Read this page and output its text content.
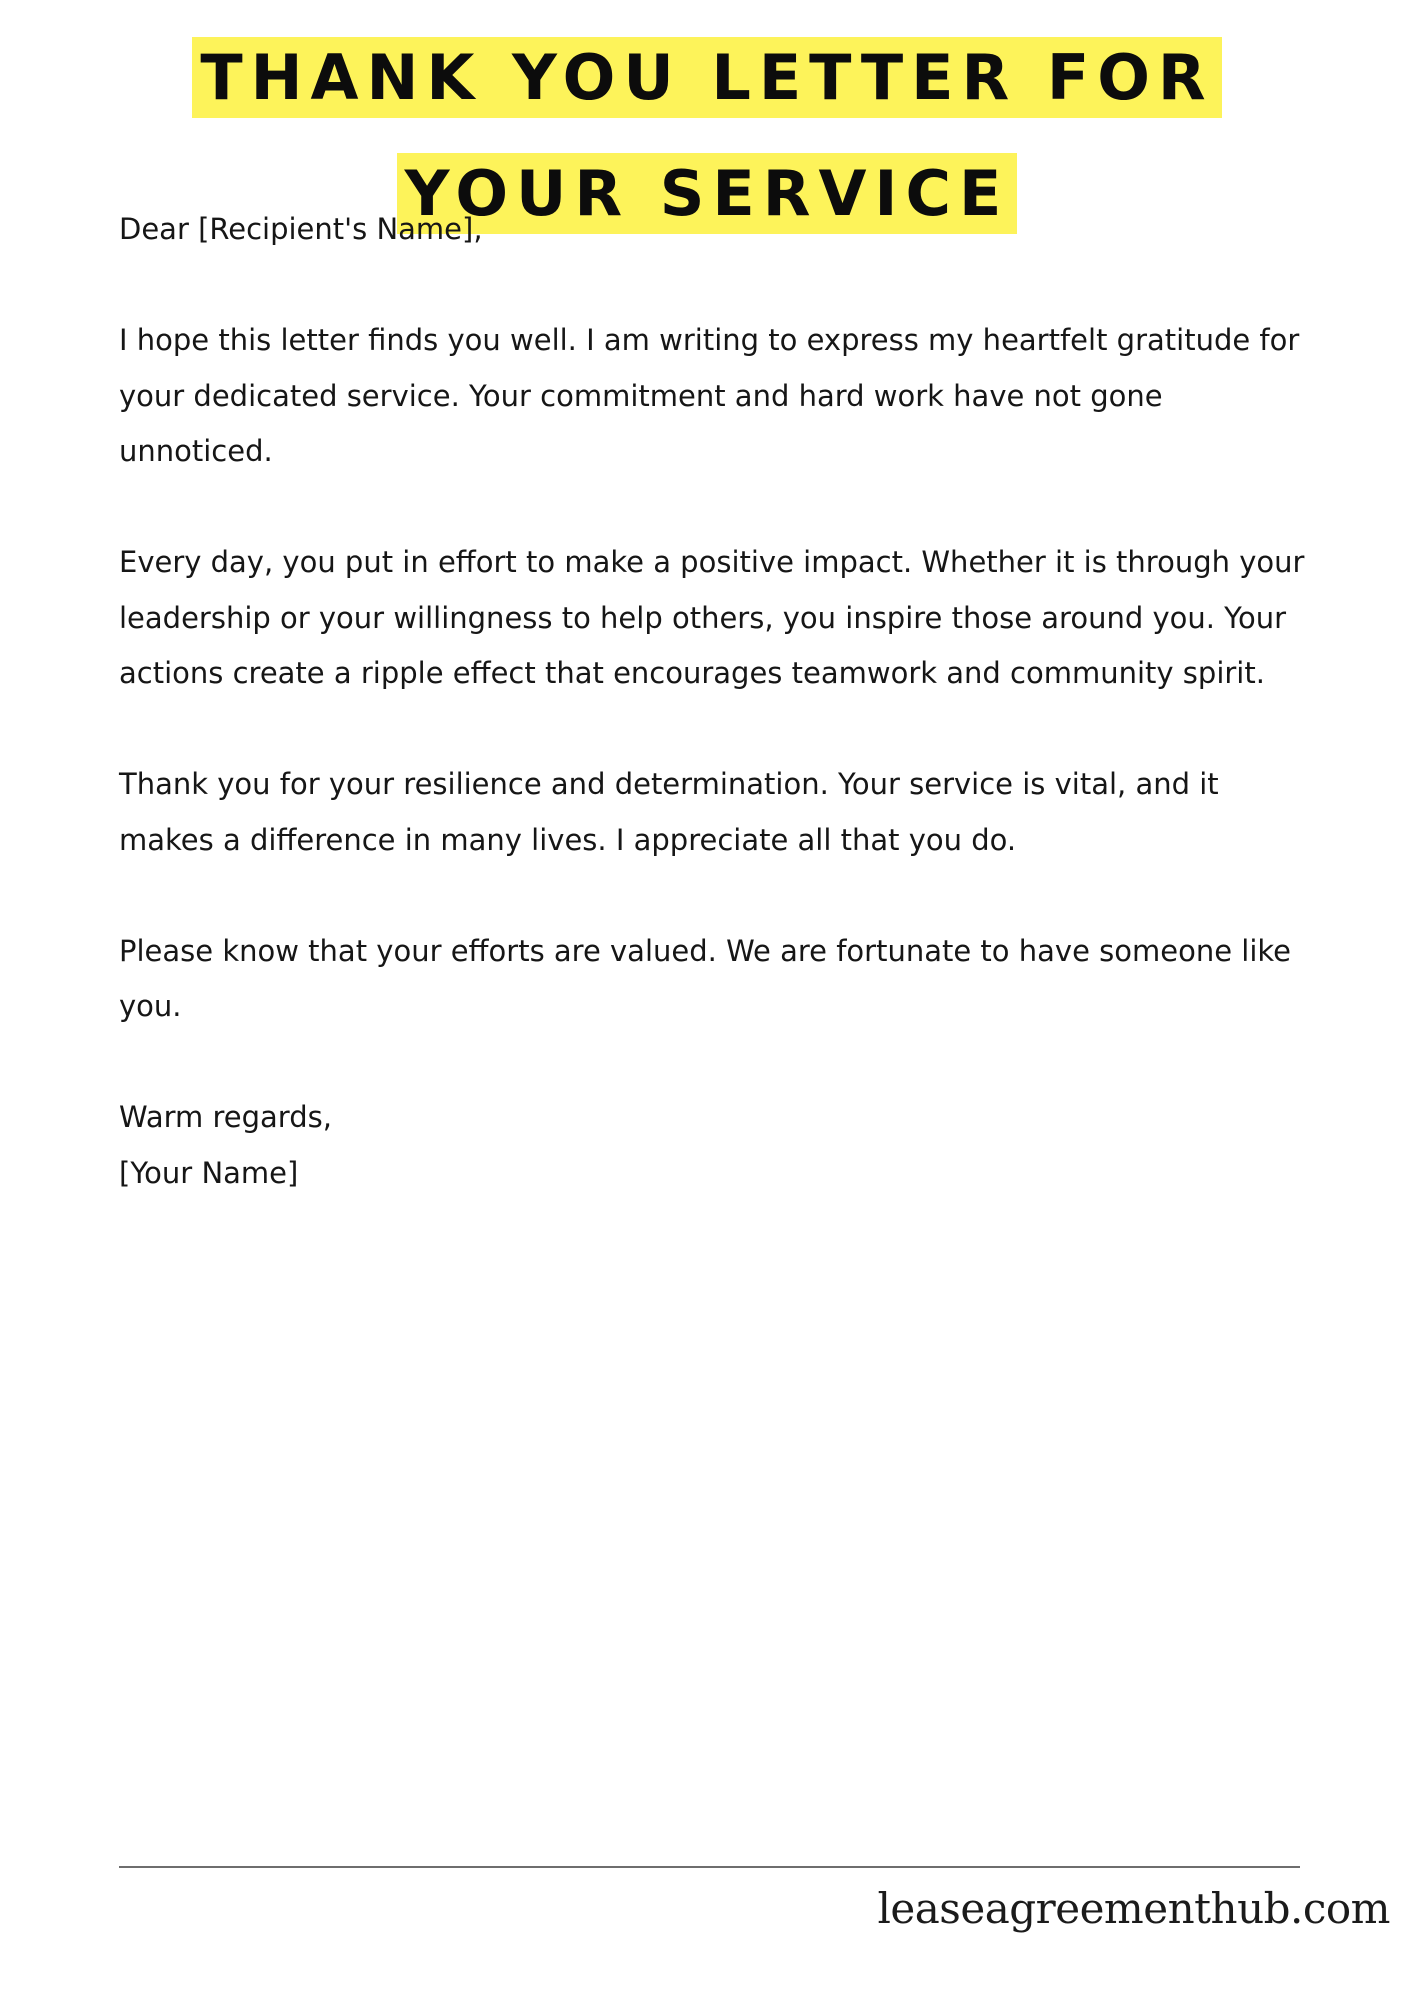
THANK YOU LETTER FOR YOUR SERVICE

Dear [Recipient's Name],

I hope this letter finds you well. I am writing to express my heartfelt gratitude for your dedicated service. Your commitment and hard work have not gone unnoticed.

Every day, you put in effort to make a positive impact. Whether it is through your leadership or your willingness to help others, you inspire those around you. Your actions create a ripple effect that encourages teamwork and community spirit.

Thank you for your resilience and determination. Your service is vital, and it makes a difference in many lives. I appreciate all that you do.

Please know that your efforts are valued. We are fortunate to have someone like you.

Warm regards,
[Your Name]
leaseagreementhub.com
